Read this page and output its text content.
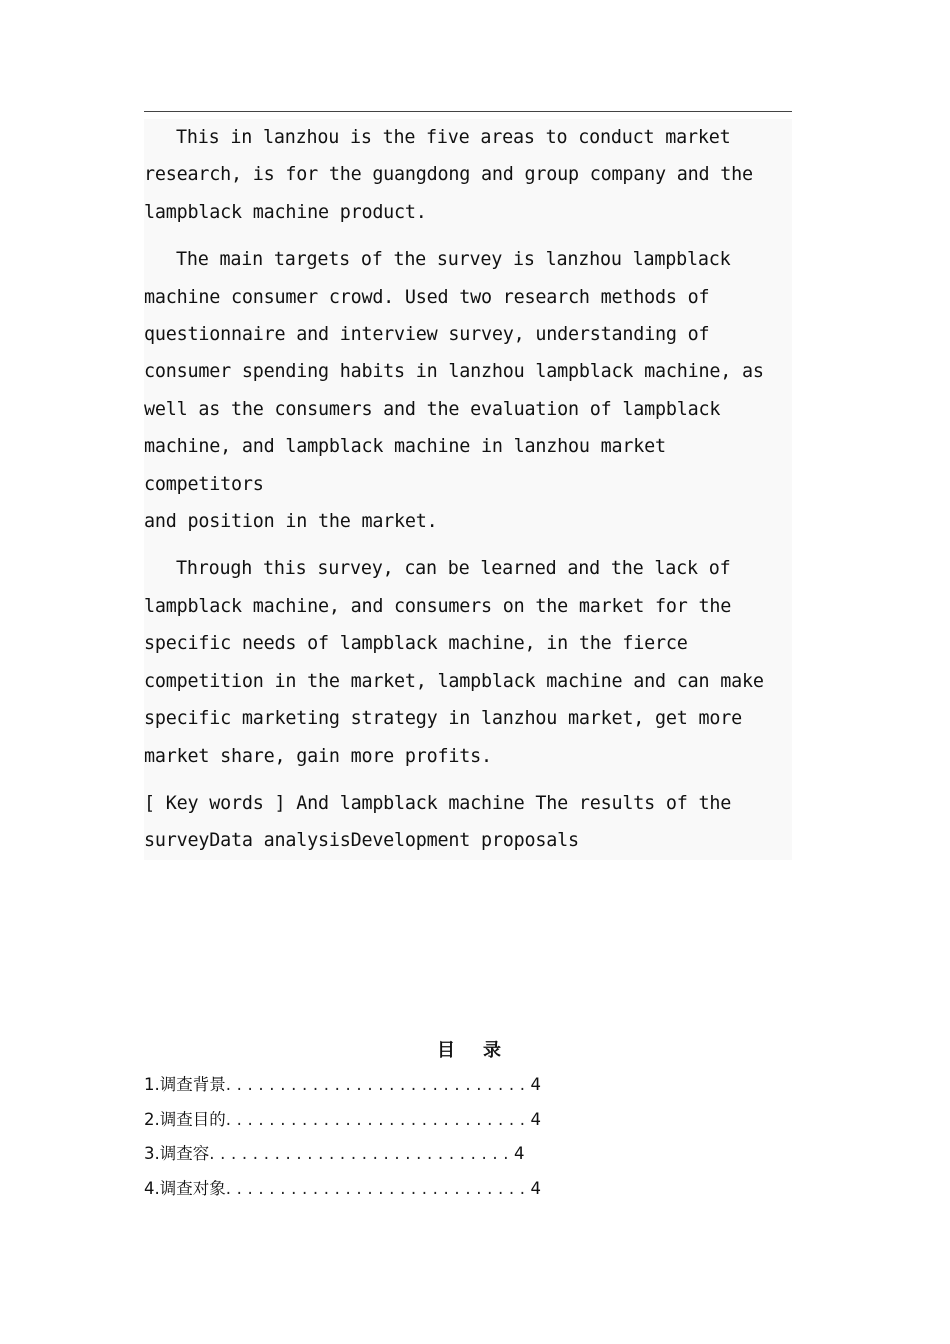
This in lanzhou is the five areas to conduct market
research, is for the guangdong and group company and the
lampblack machine product.

The main targets of the survey is lanzhou lampblack
machine consumer crowd. Used two research methods of
questionnaire and interview survey, understanding of
consumer spending habits in lanzhou lampblack machine, as
well as the consumers and the evaluation of lampblack
machine, and lampblack machine in lanzhou market competitors
and position in the market.

Through this survey, can be learned and the lack of
lampblack machine, and consumers on the market for the
specific needs of lampblack machine, in the fierce
competition in the market, lampblack machine and can make
specific marketing strategy in lanzhou market, get more
market share, gain more profits.

[ Key words ] And lampblack machine The results of the
surveyData analysisDevelopment proposals

目录
1.调查背景. . . . . . . . . . . . . . . . . . . . . . . . . . . . 4
2.调查目的. . . . . . . . . . . . . . . . . . . . . . . . . . . . 4
3.调查容. . . . . . . . . . . . . . . . . . . . . . . . . . . . 4
4.调查对象. . . . . . . . . . . . . . . . . . . . . . . . . . . . 4
